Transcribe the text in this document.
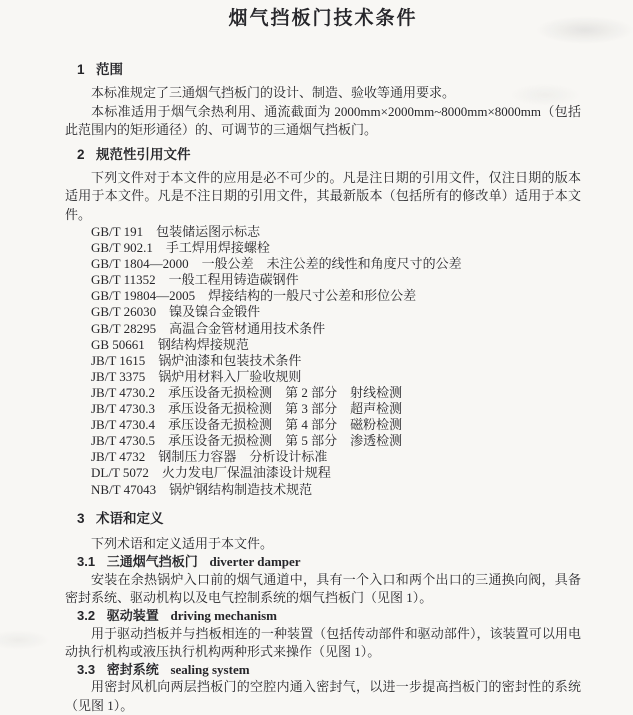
烟气挡板门技术条件
1 范围

本标准规定了三通烟气挡板门的设计、制造、验收等通用要求。

本标准适用于烟气余热利用、通流截面为 2000mm×2000mm~8000mm×8000mm（包括此范围内的矩形通径）的、可调节的三通烟气挡板门。

2 规范性引用文件

下列文件对于本文件的应用是必不可少的。凡是注日期的引用文件，仅注日期的版本适用于本文件。凡是不注日期的引用文件，其最新版本（包括所有的修改单）适用于本文件。

GB/T 191 包装储运图示标志
GB/T 902.1 手工焊用焊接螺栓
GB/T 1804—2000 一般公差　未注公差的线性和角度尺寸的公差
GB/T 11352 一般工程用铸造碳钢件
GB/T 19804—2005 焊接结构的一般尺寸公差和形位公差
GB/T 26030 镍及镍合金锻件
GB/T 28295 高温合金管材通用技术条件
GB 50661 钢结构焊接规范
JB/T 1615 锅炉油漆和包装技术条件
JB/T 3375 锅炉用材料入厂验收规则
JB/T 4730.2 承压设备无损检测　第 2 部分　射线检测
JB/T 4730.3 承压设备无损检测　第 3 部分　超声检测
JB/T 4730.4 承压设备无损检测　第 4 部分　磁粉检测
JB/T 4730.5 承压设备无损检测　第 5 部分　渗透检测
JB/T 4732 钢制压力容器　分析设计标准
DL/T 5072 火力发电厂保温油漆设计规程
NB/T 47043 锅炉钢结构制造技术规范
3 术语和定义

下列术语和定义适用于本文件。

3.1 三通烟气挡板门 diverter damper

安装在余热锅炉入口前的烟气通道中，具有一个入口和两个出口的三通换向阀，具备密封系统、驱动机构以及电气控制系统的烟气挡板门（见图 1）。

3.2 驱动装置 driving mechanism

用于驱动挡板并与挡板相连的一种装置（包括传动部件和驱动部件），该装置可以用电动执行机构或液压执行机构两种形式来操作（见图 1）。

3.3 密封系统 sealing system

用密封风机向两层挡板门的空腔内通入密封气，以进一步提高挡板门的密封性的系统（见图 1）。
